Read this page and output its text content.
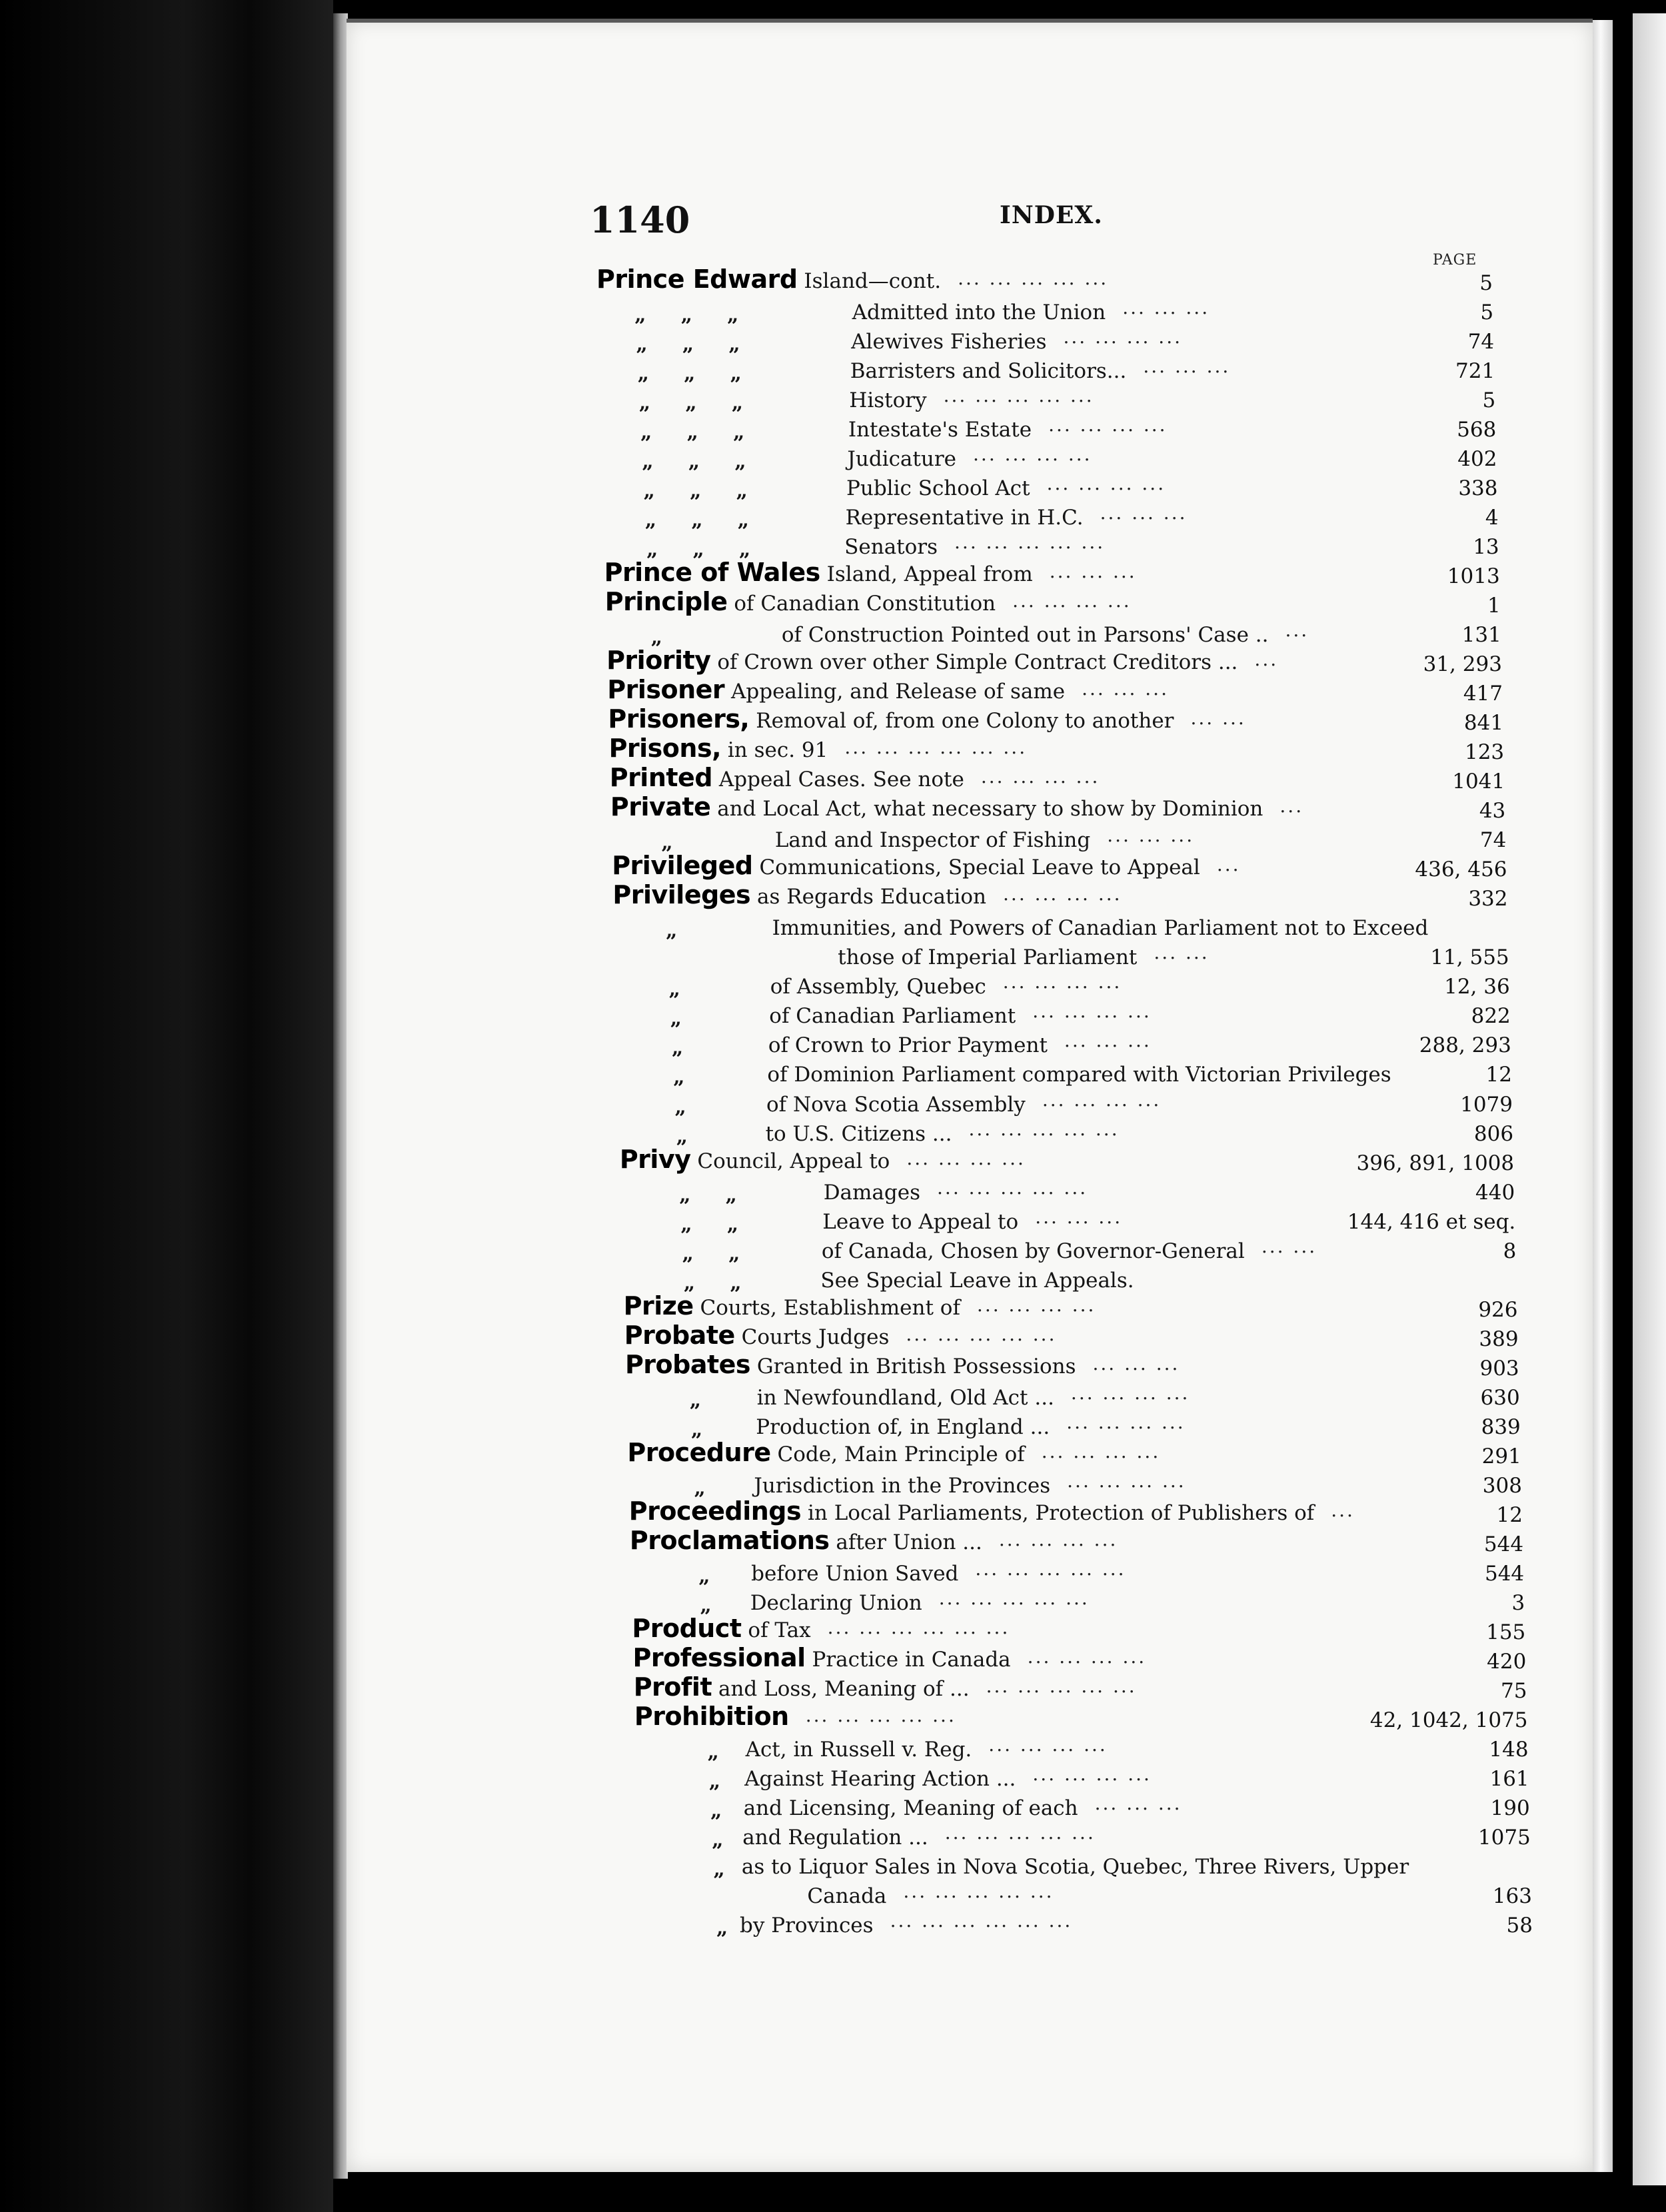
1140	INDEX.
PAGE
Prince Edward Island—cont. ... ... ... ... ...	5
„     „     „	Admitted into the Union ... ... ...	5
„     „     „	Alewives Fisheries ... ... ... ...	74
„     „     „	Barristers and Solicitors... ... ... ...	721
„     „     „	History ... ... ... ... ...	5
„     „     „	Intestate's Estate ... ... ... ...	568
„     „     „	Judicature ... ... ... ...	402
„     „     „	Public School Act ... ... ... ...	338
„     „     „	Representative in H.C. ... ... ...	4
„     „     „	Senators ... ... ... ... ...	13
Prince of Wales Island, Appeal from ... ... ...	1013
Principle of Canadian Constitution ... ... ... ...	1
„	of Construction Pointed out in Parsons' Case .. ...	131
Priority of Crown over other Simple Contract Creditors ... ...	31, 293
Prisoner Appealing, and Release of same ... ... ...	417
Prisoners, Removal of, from one Colony to another ... ...	841
Prisons, in sec. 91 ... ... ... ... ... ...	123
Printed Appeal Cases. See note ... ... ... ...	1041
Private and Local Act, what necessary to show by Dominion ...	43
„	Land and Inspector of Fishing ... ... ...	74
Privileged Communications, Special Leave to Appeal ...	436, 456
Privileges as Regards Education ... ... ... ...	332
„	Immunities, and Powers of Canadian Parliament not to Exceed
those of Imperial Parliament ... ...	11, 555
„	of Assembly, Quebec ... ... ... ...	12, 36
„	of Canadian Parliament ... ... ... ...	822
„	of Crown to Prior Payment ... ... ...	288, 293
„	of Dominion Parliament compared with Victorian Privileges	12
„	of Nova Scotia Assembly ... ... ... ...	1079
„	to U.S. Citizens ... ... ... ... ... ...	806
Privy Council, Appeal to ... ... ... ...	396, 891, 1008
„     „	Damages ... ... ... ... ...	440
„     „	Leave to Appeal to ... ... ...	144, 416 et seq.
„     „	of Canada, Chosen by Governor-General ... ...	8
„     „	See Special Leave in Appeals.
Prize Courts, Establishment of ... ... ... ...	926
Probate Courts Judges ... ... ... ... ...	389
Probates Granted in British Possessions ... ... ...	903
„	in Newfoundland, Old Act ... ... ... ... ...	630
„	Production of, in England ... ... ... ... ...	839
Procedure Code, Main Principle of ... ... ... ...	291
„ Jurisdiction in the Provinces ... ... ... ...	308
Proceedings in Local Parliaments, Protection of Publishers of ...	12
Proclamations after Union ... ... ... ... ...	544
„ before Union Saved ... ... ... ... ...	544
„ Declaring Union ... ... ... ... ...	3
Product of Tax ... ... ... ... ... ...	155
Professional Practice in Canada ... ... ... ...	420
Profit and Loss, Meaning of ... ... ... ... ... ...	75
Prohibition ... ... ... ... ...	42, 1042, 1075
„ Act, in Russell v. Reg. ... ... ... ...	148
„ Against Hearing Action ... ... ... ... ...	161
„ and Licensing, Meaning of each ... ... ...	190
„ and Regulation ... ... ... ... ... ...	1075
„ as to Liquor Sales in Nova Scotia, Quebec, Three Rivers, Upper
Canada ... ... ... ... ...	163
„ by Provinces ... ... ... ... ... ...	58
